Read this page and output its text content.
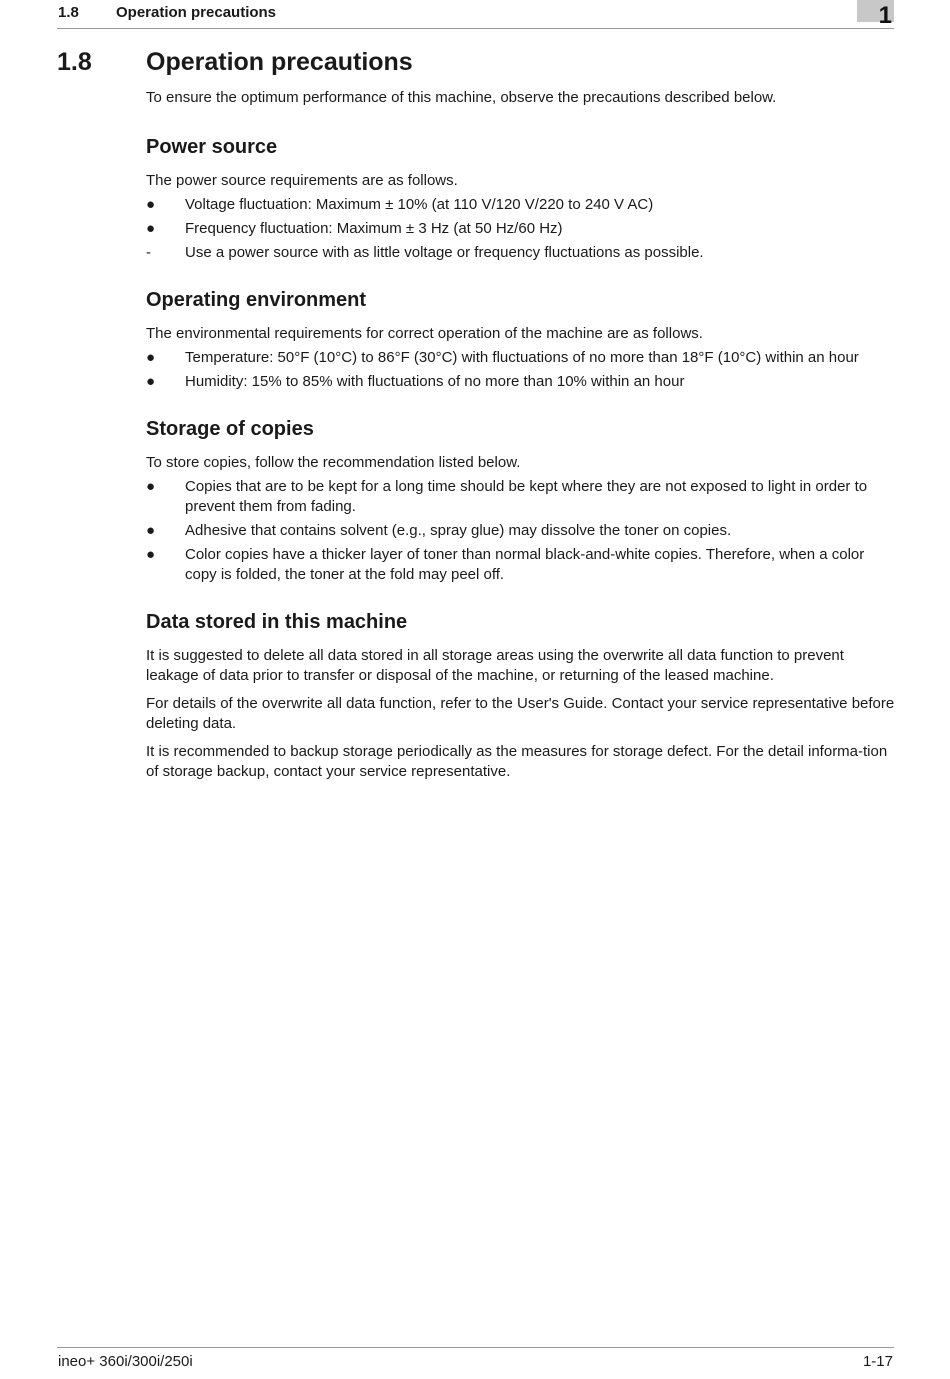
1.8 Operation precautions	1
1.8 Operation precautions

To ensure the optimum performance of this machine, observe the precautions described below.

Power source

The power source requirements are as follows.

●	Voltage fluctuation: Maximum ± 10% (at 110 V/120 V/220 to 240 V AC)
●	Frequency fluctuation: Maximum ± 3 Hz (at 50 Hz/60 Hz)
-	Use a power source with as little voltage or frequency fluctuations as possible.
Operating environment

The environmental requirements for correct operation of the machine are as follows.

●	Temperature: 50°F (10°C) to 86°F (30°C) with fluctuations of no more than 18°F (10°C) within an hour
●	Humidity: 15% to 85% with fluctuations of no more than 10% within an hour
Storage of copies

To store copies, follow the recommendation listed below.

●	Copies that are to be kept for a long time should be kept where they are not exposed to light in order to prevent them from fading.
●	Adhesive that contains solvent (e.g., spray glue) may dissolve the toner on copies.
●	Color copies have a thicker layer of toner than normal black-and-white copies. Therefore, when a color copy is folded, the toner at the fold may peel off.
Data stored in this machine

It is suggested to delete all data stored in all storage areas using the overwrite all data function to prevent leakage of data prior to transfer or disposal of the machine, or returning of the leased machine.

For details of the overwrite all data function, refer to the User's Guide. Contact your service representative before deleting data.

It is recommended to backup storage periodically as the measures for storage defect. For the detail informa-tion of storage backup, contact your service representative.

ineo+ 360i/300i/250i	1-17
